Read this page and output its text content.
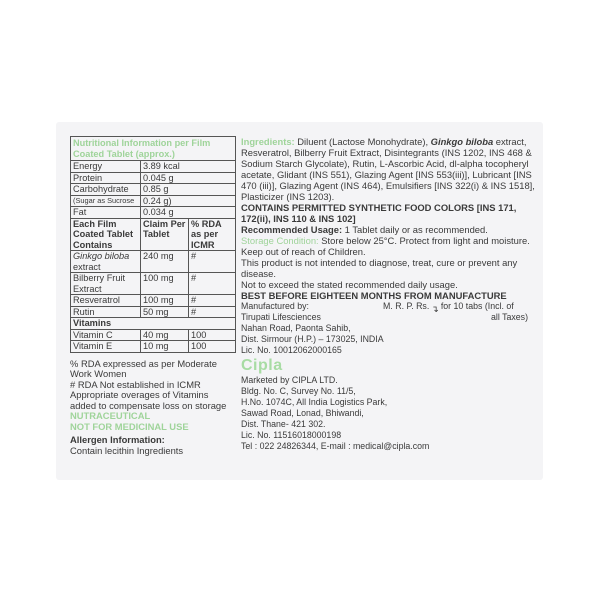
Nutritional Information per Film Coated Tablet (approx.)		
Energy	3.89 kcal	
Protein	0.045 g	
Carbohydrate	0.85 g	
(Sugar as Sucrose	0.24 g)	
Fat	0.034 g	
Each Film Coated Tablet Contains	Claim Per Tablet	% RDA as per ICMR
Ginkgo biloba
extract	240 mg	#
Bilberry Fruit Extract	100 mg	#
Resveratrol	100 mg	#
Rutin	50 mg	#
Vitamins		
Vitamin C	40 mg	100
Vitamin E	10 mg	100

% RDA expressed as per Moderate Work Women

# RDA Not established in ICMR

Appropriate overages of Vitamins added to compensate loss on storage

NUTRACEUTICAL

NOT FOR MEDICINAL USE

Allergen Information:

Contain lecithin Ingredients

Ingredients: Diluent (Lactose Monohydrate), Ginkgo biloba extract, Resveratrol, Bilberry Fruit Extract, Disintegrants (INS 1202, INS 468 & Sodium Starch Glycolate), Rutin, L-Ascorbic Acid, dl-alpha tocopheryl acetate, Glidant (INS 551), Glazing Agent [INS 553(iii)], Lubricant [INS 470 (iii)], Glazing Agent (INS 464), Emulsifiers [INS 322(i) & INS 1518], Plasticizer (INS 1203).

CONTAINS PERMITTED SYNTHETIC FOOD COLORS [INS 171, 172(ii), INS 110 & INS 102]

Recommended Usage: 1 Tablet daily or as recommended.

Storage Condition: Store below 25°C. Protect from light and moisture. Keep out of reach of Children.

This product is not intended to diagnose, treat, cure or prevent any disease.

Not to exceed the stated recommended daily usage.

BEST BEFORE EIGHTEEN MONTHS FROM MANUFACTURE

Manufactured by:	M. R. P. Rs. ↴ for 10 tabs (Incl. of
Tirupati Lifesciences	all Taxes)

Nahan Road, Paonta Sahib,

Dist. Sirmour (H.P.) – 173025, INDIA

Lic. No. 10012062000165

Cipla

Marketed by CIPLA LTD.

Bldg. No. C, Survey No. 11/5,

H.No. 1074C, All India Logistics Park,

Sawad Road, Lonad, Bhiwandi,

Dist. Thane- 421 302.

Lic. No. 11516018000198

Tel : 022 24826344, E-mail : medical@cipla.com
